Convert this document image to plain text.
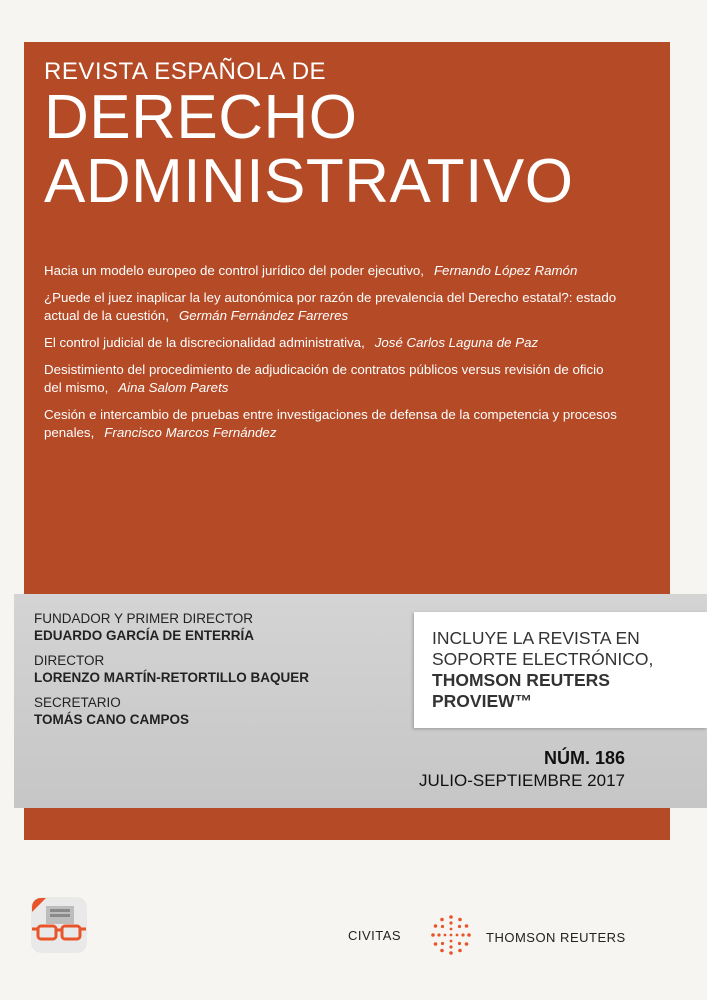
REVISTA ESPAÑOLA DE
DERECHO
ADMINISTRATIVO
Hacia un modelo europeo de control jurídico del poder ejecutivo, Fernando López Ramón
¿Puede el juez inaplicar la ley autonómica por razón de prevalencia del Derecho estatal?: estado actual de la cuestión, Germán Fernández Farreres
El control judicial de la discrecionalidad administrativa, José Carlos Laguna de Paz
Desistimiento del procedimiento de adjudicación de contratos públicos versus revisión de oficio del mismo, Aina Salom Parets
Cesión e intercambio de pruebas entre investigaciones de defensa de la competencia y procesos penales, Francisco Marcos Fernández
FUNDADOR Y PRIMER DIRECTOR
EDUARDO GARCÍA DE ENTERRÍA
DIRECTOR
LORENZO MARTÍN-RETORTILLO BAQUER
SECRETARIO
TOMÁS CANO CAMPOS
INCLUYE LA REVISTA EN
SOPORTE ELECTRÓNICO,
THOMSON REUTERS
PROVIEW™
NÚM. 186
JULIO-SEPTIEMBRE 2017
CIVITAS	THOMSON REUTERS
